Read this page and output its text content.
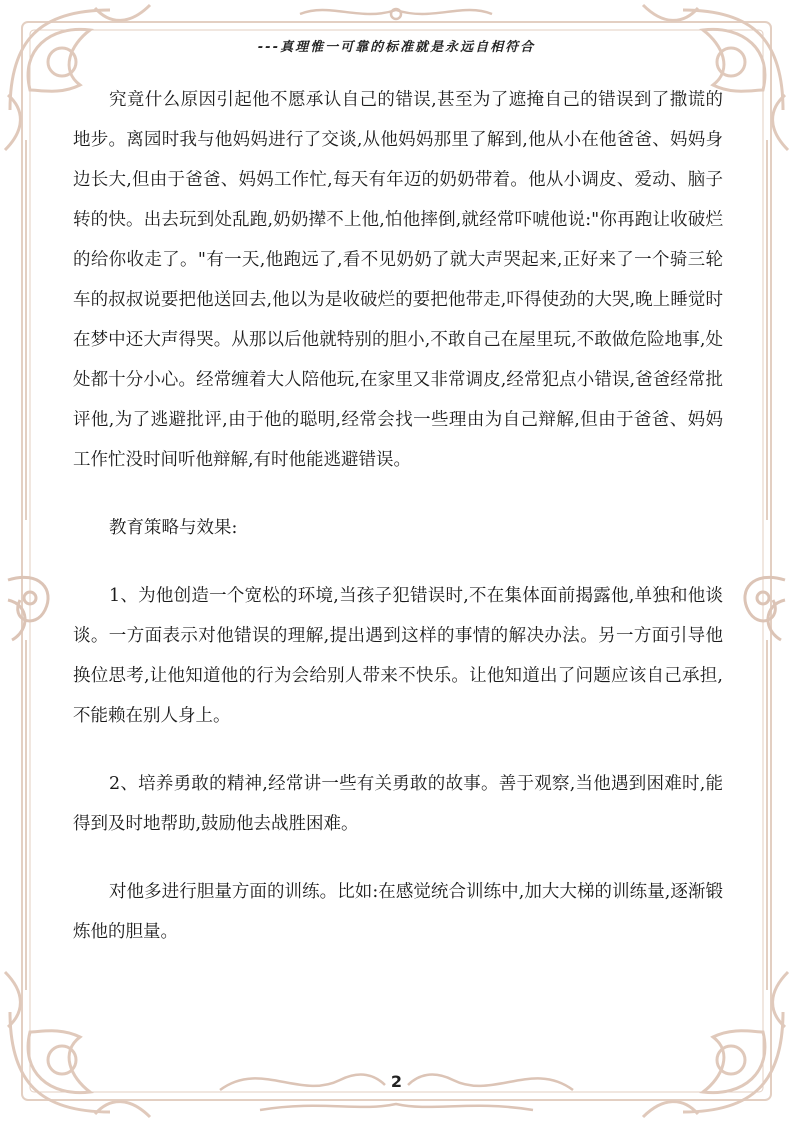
---真理惟一可靠的标准就是永远自相符合

究竟什么原因引起他不愿承认自己的错误,甚至为了遮掩自己的错误到了撒谎的地步。离园时我与他妈妈进行了交谈,从他妈妈那里了解到,他从小在他爸爸、妈妈身边长大,但由于爸爸、妈妈工作忙,每天有年迈的奶奶带着。他从小调皮、爱动、脑子转的快。出去玩到处乱跑,奶奶撵不上他,怕他摔倒,就经常吓唬他说:"你再跑让收破烂的给你收走了。"有一天,他跑远了,看不见奶奶了就大声哭起来,正好来了一个骑三轮车的叔叔说要把他送回去,他以为是收破烂的要把他带走,吓得使劲的大哭,晚上睡觉时在梦中还大声得哭。从那以后他就特别的胆小,不敢自己在屋里玩,不敢做危险地事,处处都十分小心。经常缠着大人陪他玩,在家里又非常调皮,经常犯点小错误,爸爸经常批评他,为了逃避批评,由于他的聪明,经常会找一些理由为自己辩解,但由于爸爸、妈妈工作忙没时间听他辩解,有时他能逃避错误。

教育策略与效果:

1、为他创造一个宽松的环境,当孩子犯错误时,不在集体面前揭露他,单独和他谈谈。一方面表示对他错误的理解,提出遇到这样的事情的解决办法。另一方面引导他换位思考,让他知道他的行为会给别人带来不快乐。让他知道出了问题应该自己承担,不能赖在别人身上。

2、培养勇敢的精神,经常讲一些有关勇敢的故事。善于观察,当他遇到困难时,能得到及时地帮助,鼓励他去战胜困难。

对他多进行胆量方面的训练。比如:在感觉统合训练中,加大大梯的训练量,逐渐锻炼他的胆量。

2
